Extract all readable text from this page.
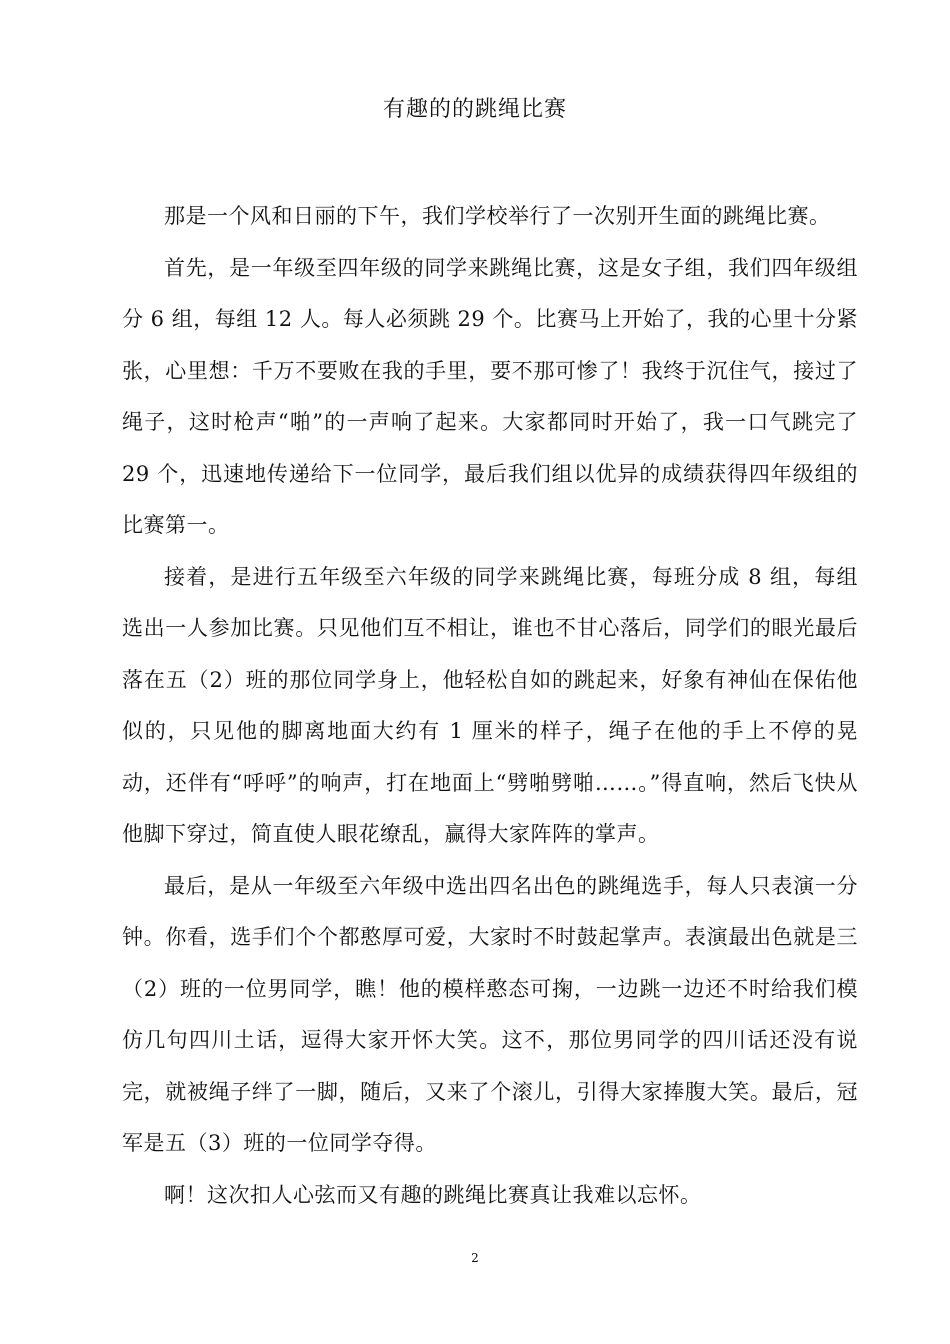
有趣的的跳绳比赛

那是一个风和日丽的下午，我们学校举行了一次别开生面的跳绳比赛。

首先，是一年级至四年级的同学来跳绳比赛，这是女子组，我们四年级组分 6 组，每组 12 人。每人必须跳 29 个。比赛马上开始了，我的心里十分紧张，心里想：千万不要败在我的手里，要不那可惨了！我终于沉住气，接过了绳子，这时枪声“啪”的一声响了起来。大家都同时开始了，我一口气跳完了 29 个，迅速地传递给下一位同学，最后我们组以优异的成绩获得四年级组的比赛第一。

接着，是进行五年级至六年级的同学来跳绳比赛，每班分成 8 组，每组选出一人参加比赛。只见他们互不相让，谁也不甘心落后，同学们的眼光最后落在五（2）班的那位同学身上，他轻松自如的跳起来，好象有神仙在保佑他似的，只见他的脚离地面大约有 1 厘米的样子，绳子在他的手上不停的晃动，还伴有“呼呼”的响声，打在地面上“劈啪劈啪……。”得直响，然后飞快从他脚下穿过，简直使人眼花缭乱，赢得大家阵阵的掌声。

最后，是从一年级至六年级中选出四名出色的跳绳选手，每人只表演一分钟。你看，选手们个个都憨厚可爱，大家时不时鼓起掌声。表演最出色就是三（2）班的一位男同学，瞧！他的模样憨态可掬，一边跳一边还不时给我们模仿几句四川土话，逗得大家开怀大笑。这不，那位男同学的四川话还没有说完，就被绳子绊了一脚，随后，又来了个滚儿，引得大家捧腹大笑。最后，冠军是五（3）班的一位同学夺得。

啊！这次扣人心弦而又有趣的跳绳比赛真让我难以忘怀。

2
